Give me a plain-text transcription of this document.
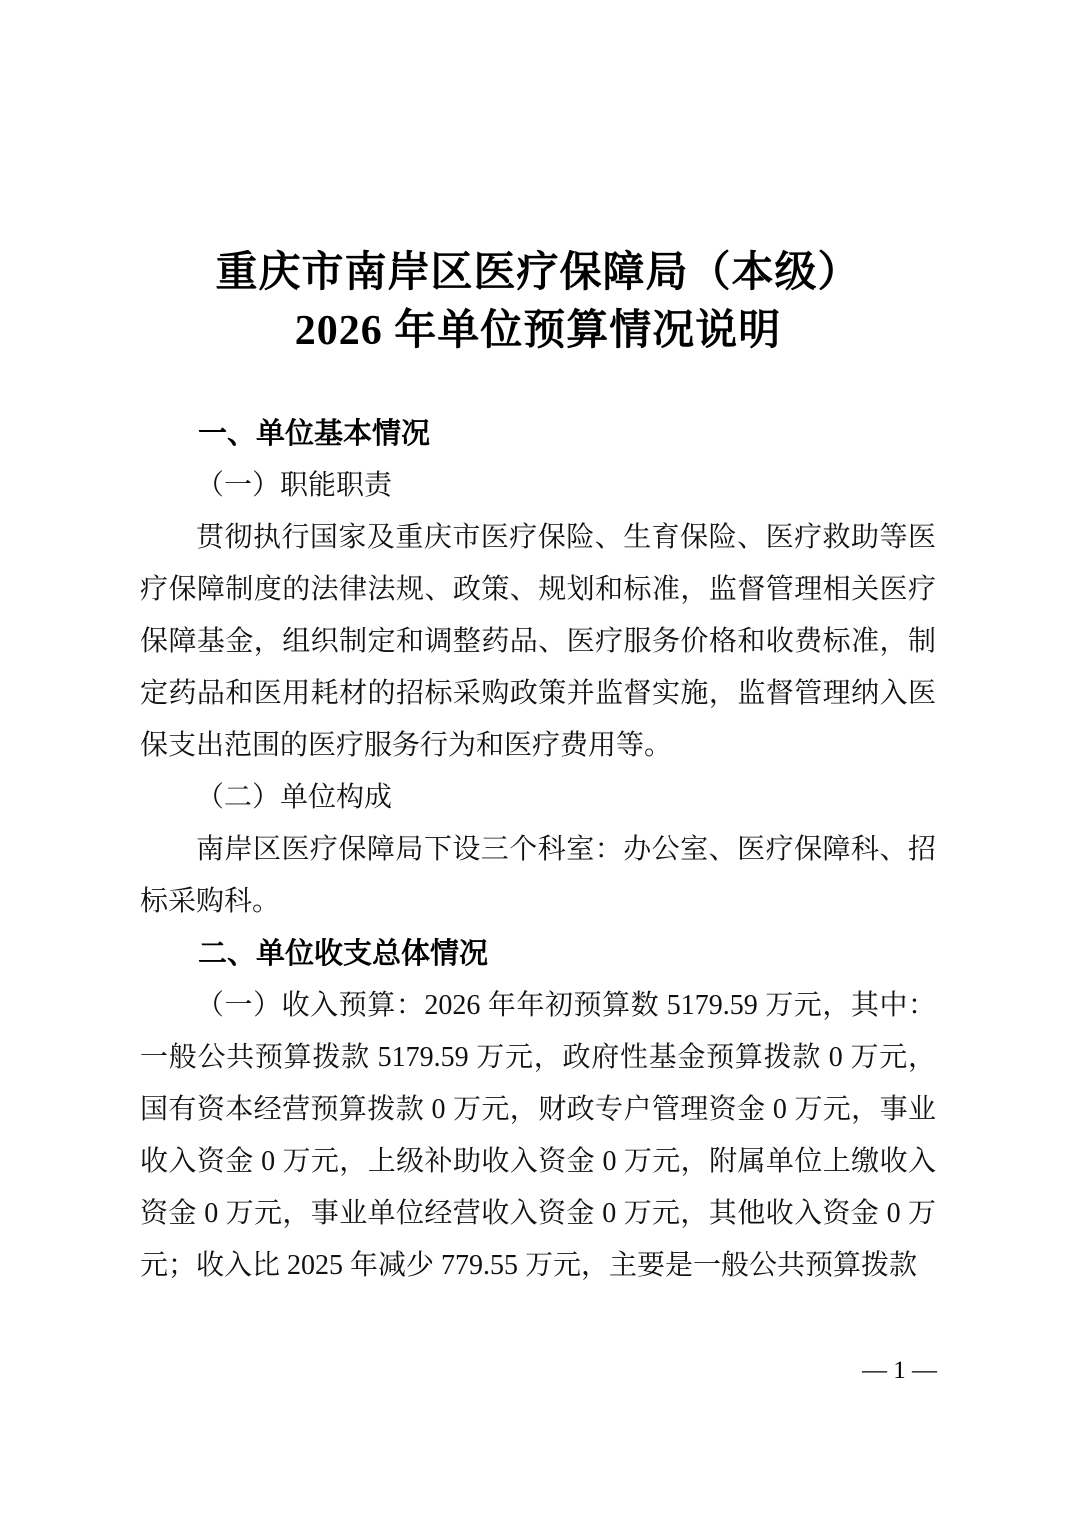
重庆市南岸区医疗保障局（本级）
2026 年单位预算情况说明
一、单位基本情况
（一）职能职责

贯彻执行国家及重庆市医疗保险、生育保险、医疗救助等医疗保障制度的法律法规、政策、规划和标准，监督管理相关医疗保障基金，组织制定和调整药品、医疗服务价格和收费标准，制定药品和医用耗材的招标采购政策并监督实施，监督管理纳入医保支出范围的医疗服务行为和医疗费用等。

（二）单位构成

南岸区医疗保障局下设三个科室：办公室、医疗保障科、招标采购科。

二、单位收支总体情况

（一）收入预算：2026 年年初预算数 5179.59 万元，其中：一般公共预算拨款 5179.59 万元，政府性基金预算拨款 0 万元，国有资本经营预算拨款 0 万元，财政专户管理资金 0 万元，事业收入资金 0 万元，上级补助收入资金 0 万元，附属单位上缴收入资金 0 万元，事业单位经营收入资金 0 万元，其他收入资金 0 万元；收入比 2025 年减少 779.55 万元，主要是一般公共预算拨款

— 1 —
